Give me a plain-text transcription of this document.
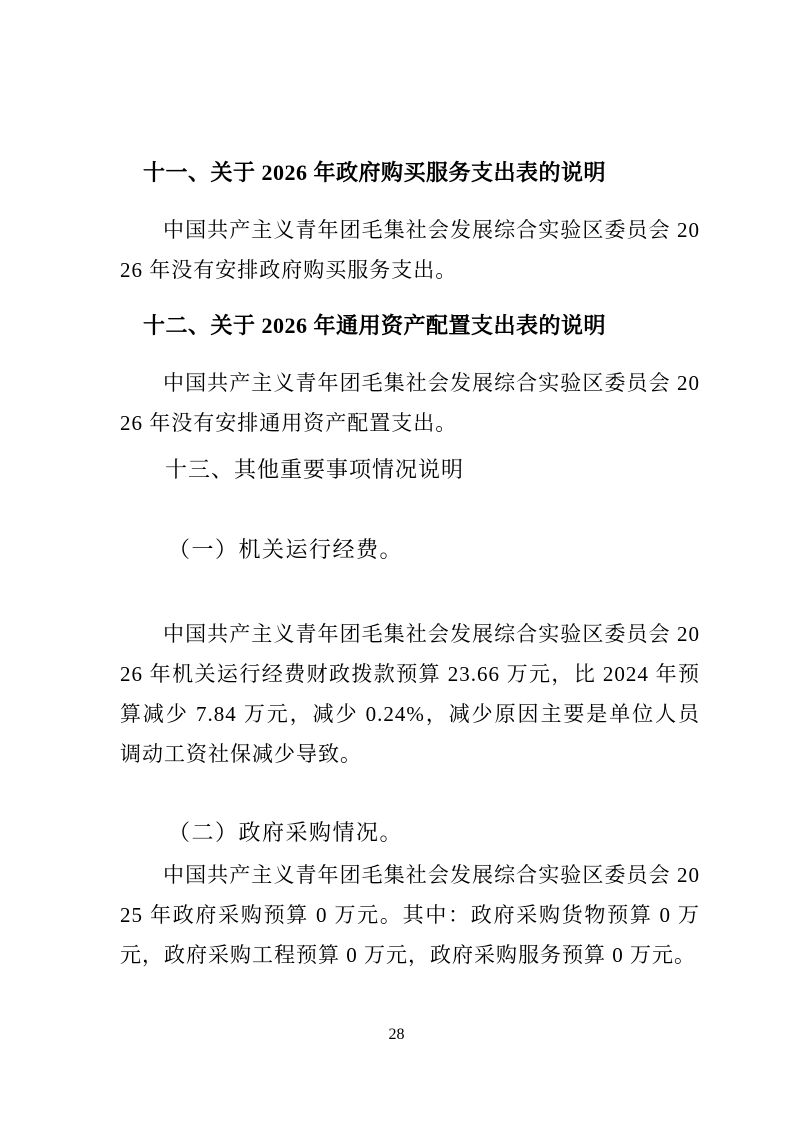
十一、关于 2026 年政府购买服务支出表的说明
中国共产主义青年团毛集社会发展综合实验区委员会 2026 年没有安排政府购买服务支出。
十二、关于 2026 年通用资产配置支出表的说明
中国共产主义青年团毛集社会发展综合实验区委员会 2026 年没有安排通用资产配置支出。
十三、其他重要事项情况说明
（一）机关运行经费。
中国共产主义青年团毛集社会发展综合实验区委员会 2026 年机关运行经费财政拨款预算 23.66 万元，比 2024 年预算减少 7.84 万元，减少 0.24%，减少原因主要是单位人员调动工资社保减少导致。
（二）政府采购情况。
中国共产主义青年团毛集社会发展综合实验区委员会 2025 年政府采购预算 0 万元。其中：政府采购货物预算 0 万元，政府采购工程预算 0 万元，政府采购服务预算 0 万元。
28
